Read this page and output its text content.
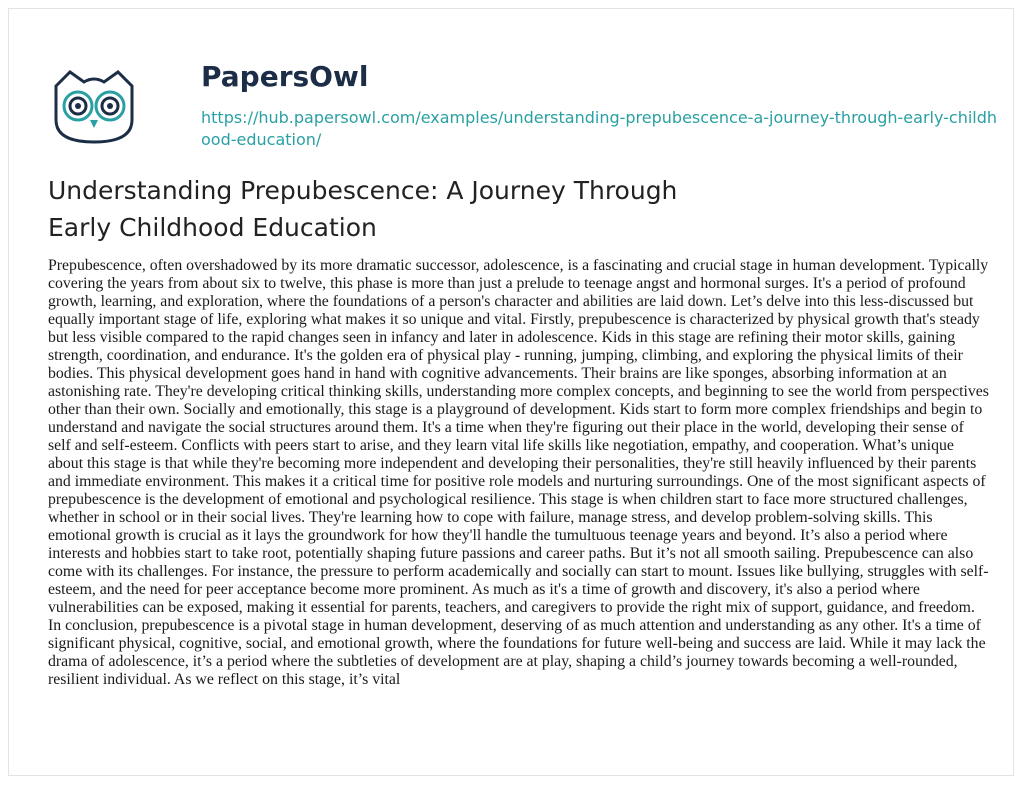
PapersOwl
https://hub.papersowl.com/examples/understanding-prepubescence-a-journey-through-early-childhood-education/
Understanding Prepubescence: A Journey Through Early Childhood Education

Prepubescence, often overshadowed by its more dramatic successor, adolescence, is a fascinating and crucial stage in human development. Typically covering the years from about six to twelve, this phase is more than just a prelude to teenage angst and hormonal surges. It's a period of profound growth, learning, and exploration, where the foundations of a person's character and abilities are laid down. Let’s delve into this less-discussed but equally important stage of life, exploring what makes it so unique and vital. Firstly, prepubescence is characterized by physical growth that's steady but less visible compared to the rapid changes seen in infancy and later in adolescence. Kids in this stage are refining their motor skills, gaining strength, coordination, and endurance. It's the golden era of physical play - running, jumping, climbing, and exploring the physical limits of their bodies. This physical development goes hand in hand with cognitive advancements. Their brains are like sponges, absorbing information at an astonishing rate. They're developing critical thinking skills, understanding more complex concepts, and beginning to see the world from perspectives other than their own. Socially and emotionally, this stage is a playground of development. Kids start to form more complex friendships and begin to understand and navigate the social structures around them. It's a time when they're figuring out their place in the world, developing their sense of self and self-esteem. Conflicts with peers start to arise, and they learn vital life skills like negotiation, empathy, and cooperation. What’s unique about this stage is that while they're becoming more independent and developing their personalities, they're still heavily influenced by their parents and immediate environment. This makes it a critical time for positive role models and nurturing surroundings. One of the most significant aspects of prepubescence is the development of emotional and psychological resilience. This stage is when children start to face more structured challenges, whether in school or in their social lives. They're learning how to cope with failure, manage stress, and develop problem-solving skills. This emotional growth is crucial as it lays the groundwork for how they'll handle the tumultuous teenage years and beyond. It’s also a period where interests and hobbies start to take root, potentially shaping future passions and career paths. But it’s not all smooth sailing. Prepubescence can also come with its challenges. For instance, the pressure to perform academically and socially can start to mount. Issues like bullying, struggles with self-esteem, and the need for peer acceptance become more prominent. As much as it's a time of growth and discovery, it's also a period where vulnerabilities can be exposed, making it essential for parents, teachers, and caregivers to provide the right mix of support, guidance, and freedom. In conclusion, prepubescence is a pivotal stage in human development, deserving of as much attention and understanding as any other. It's a time of significant physical, cognitive, social, and emotional growth, where the foundations for future well-being and success are laid. While it may lack the drama of adolescence, it’s a period where the subtleties of development are at play, shaping a child’s journey towards becoming a well-rounded, resilient individual. As we reflect on this stage, it’s vital
